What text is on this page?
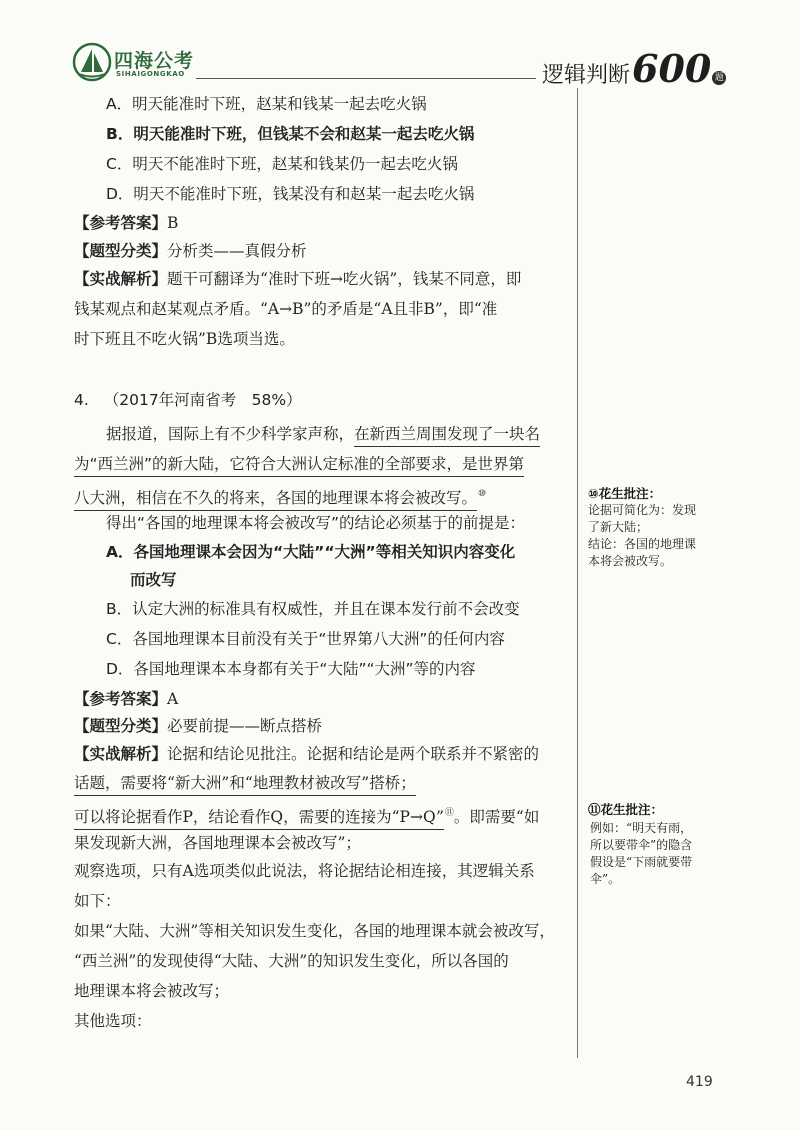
四海公考
SIHAIGONGKAO	逻辑判断600 题
A．明天能准时下班，赵某和钱某一起去吃火锅
B．明天能准时下班，但钱某不会和赵某一起去吃火锅
C．明天不能准时下班，赵某和钱某仍一起去吃火锅
D．明天不能准时下班，钱某没有和赵某一起去吃火锅
【参考答案】B
【题型分类】分析类——真假分析
【实战解析】题干可翻译为“准时下班→吃火锅”，钱某不同意，即
钱某观点和赵某观点矛盾。“A→B”的矛盾是“A且非B”，即“准
时下班且不吃火锅”B选项当选。
4. （2017年河南省考　58%）
据报道，国际上有不少科学家声称，在新西兰周围发现了一块名
为“西兰洲”的新大陆，它符合大洲认定标准的全部要求，是世界第
八大洲，相信在不久的将来，各国的地理课本将会被改写。⑩
得出“各国的地理课本将会被改写”的结论必须基于的前提是：
A．各国地理课本会因为“大陆”“大洲”等相关知识内容变化
而改写
B．认定大洲的标准具有权威性，并且在课本发行前不会改变
C．各国地理课本目前没有关于“世界第八大洲”的任何内容
D．各国地理课本本身都有关于“大陆”“大洲”等的内容
【参考答案】A
【题型分类】必要前提——断点搭桥
【实战解析】论据和结论见批注。论据和结论是两个联系并不紧密的
话题，需要将“新大洲”和“地理教材被改写”搭桥；
可以将论据看作P，结论看作Q，需要的连接为“P→Q”⑪。即需要“如
果发现新大洲，各国地理课本会被改写”；
观察选项，只有A选项类似此说法，将论据结论相连接，其逻辑关系
如下：
如果“大陆、大洲”等相关知识发生变化，各国的地理课本就会被改写，
“西兰洲”的发现使得“大陆、大洲”的知识发生变化，所以各国的
地理课本将会被改写；
其他选项：
⑩花生批注：
论据可简化为：发现
了新大陆；
结论：各国的地理课
本将会被改写。
⑪花生批注：
例如：“明天有雨，
所以要带伞”的隐含
假设是“下雨就要带
伞”。
419
